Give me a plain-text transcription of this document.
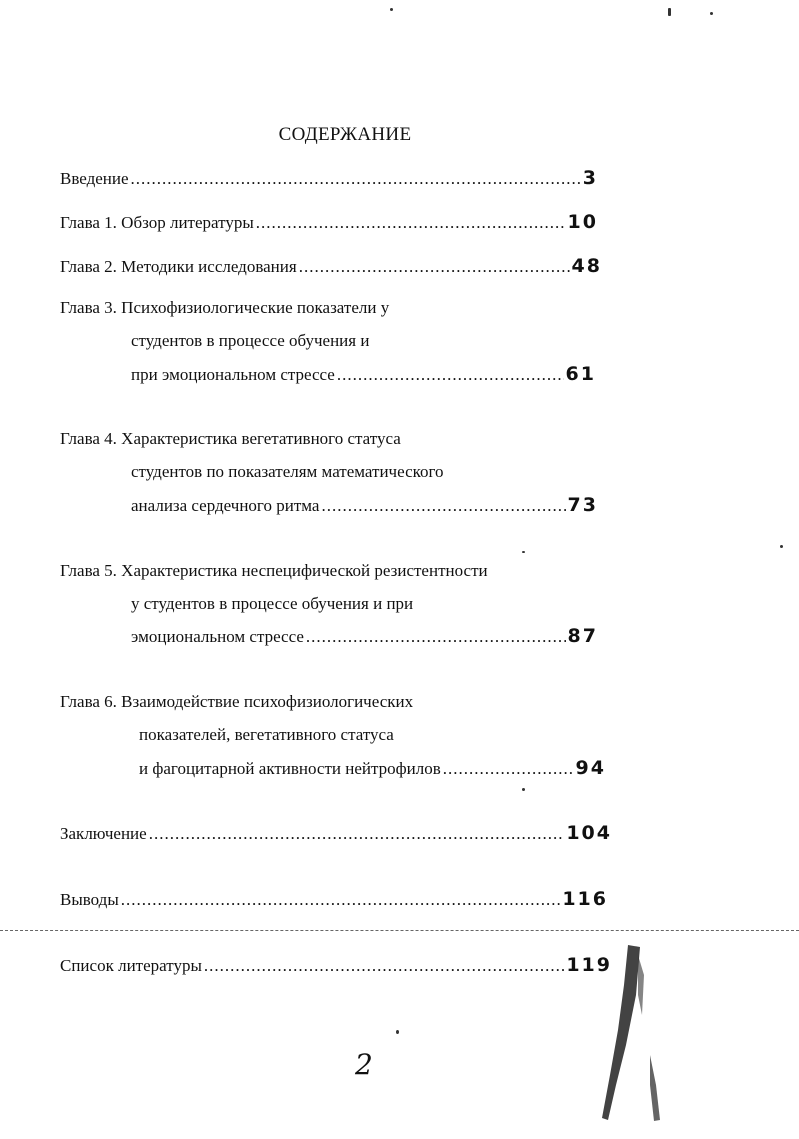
СОДЕРЖАНИЕ
Введение .....	3
Глава 1. Обзор литературы .....	10
Глава 2. Методики исследования .....	48
Глава 3. Психофизиологические показатели у
студентов в процессе обучения и
при эмоциональном стрессе .....	61
Глава 4. Характеристика вегетативного статуса
студентов по показателям математического
анализа сердечного ритма .....	73
Глава 5. Характеристика неспецифической резистентности
у студентов в процессе обучения и при
эмоциональном стрессе .....	87
Глава 6. Взаимодействие психофизиологических
показателей, вегетативного статуса
и фагоцитарной активности нейтрофилов .....	94
Заключение .....	104
Выводы .....	116
Список литературы .....	119
2
